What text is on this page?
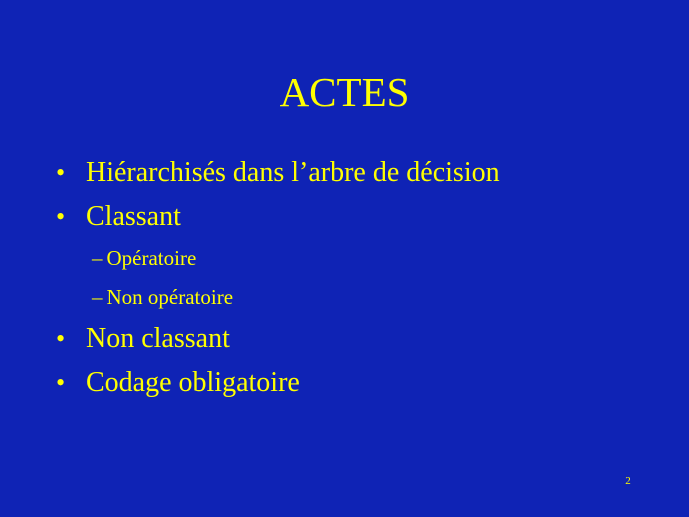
ACTES
• Hiérarchisés dans l’arbre de décision
• Classant
– Opératoire
– Non opératoire
• Non classant
• Codage obligatoire
2
